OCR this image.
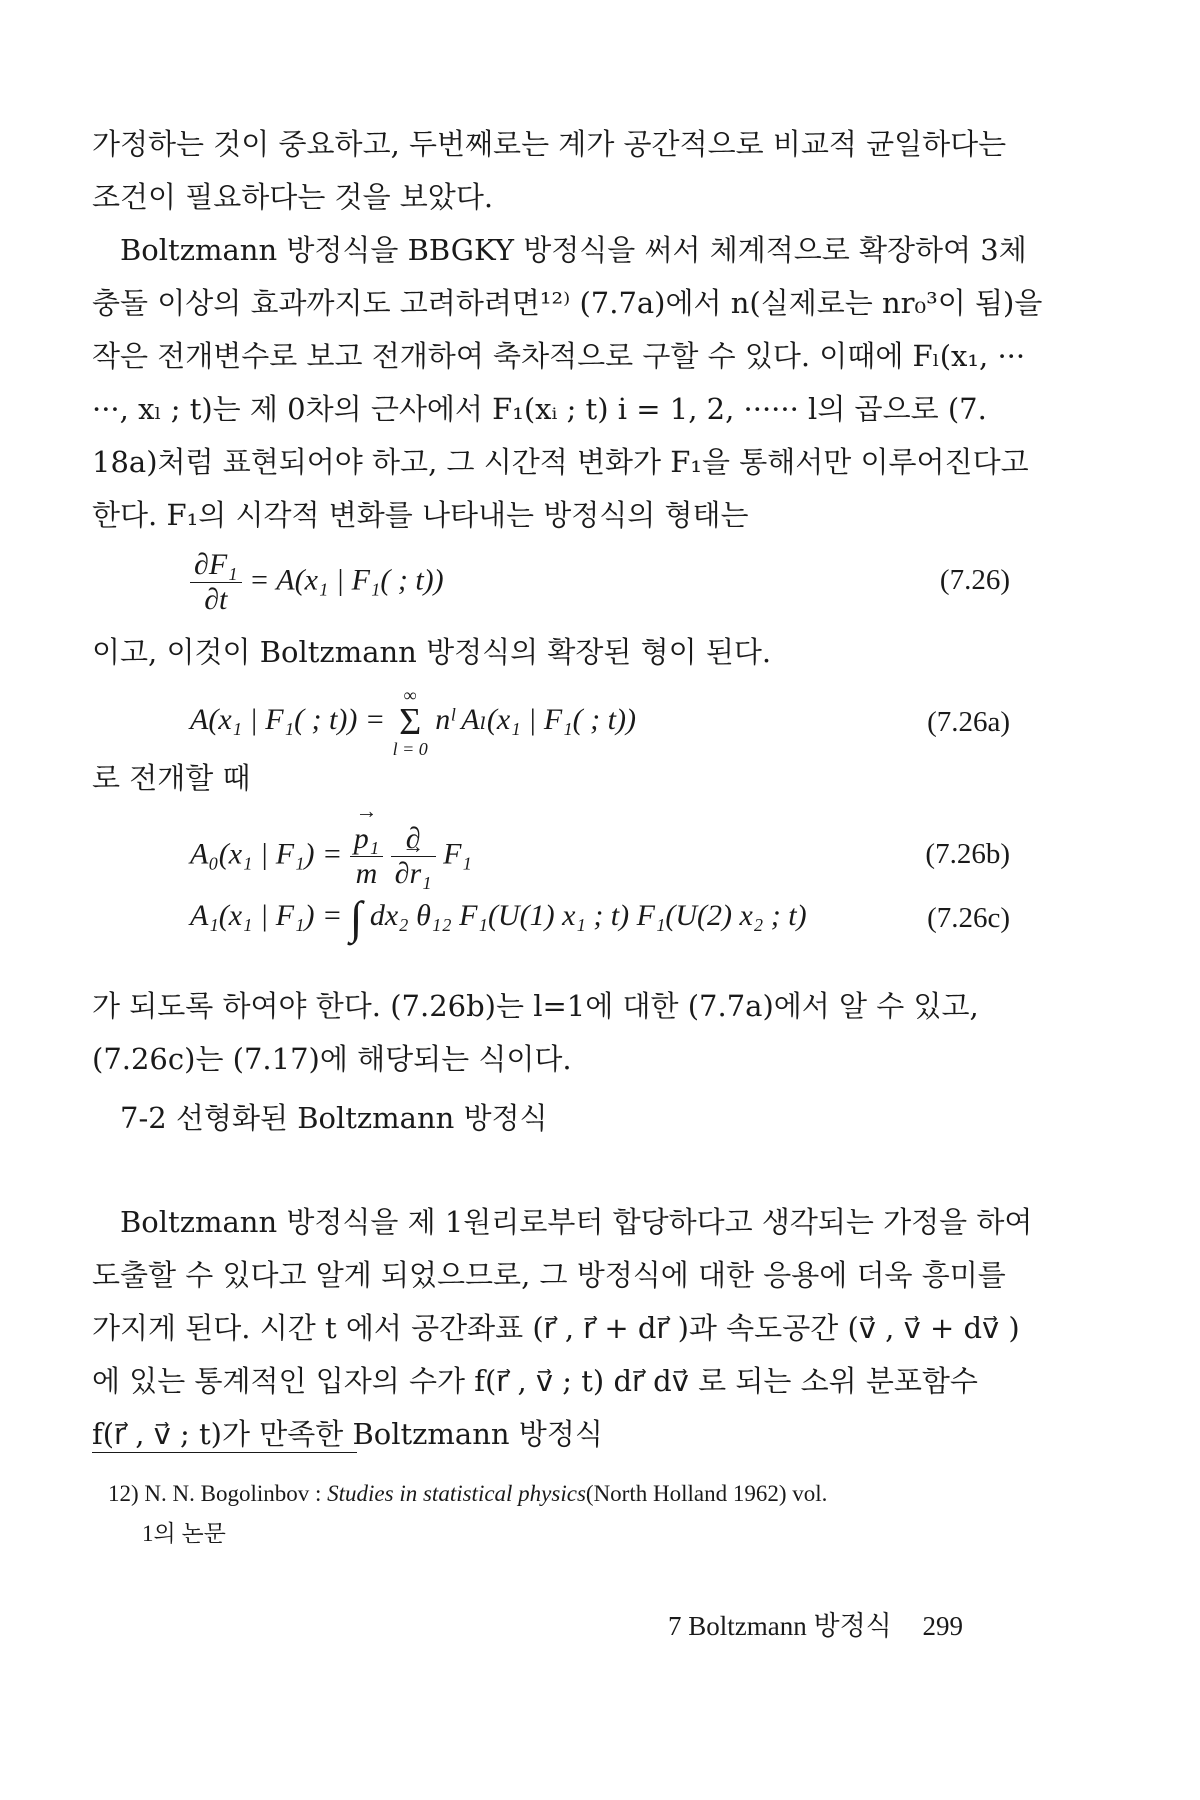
가정하는 것이 중요하고, 두번째로는 계가 공간적으로 비교적 균일하다는
조건이 필요하다는 것을 보았다.
Boltzmann 방정식을 BBGKY 방정식을 써서 체계적으로 확장하여 3체
충돌 이상의 효과까지도 고려하려면¹²⁾ (7.7a)에서 n(실제로는 nr₀³이 됨)을
작은 전개변수로 보고 전개하여 축차적으로 구할 수 있다. 이때에 Fₗ(x₁, ···
···, xₗ ; t)는 제 0차의 근사에서 F₁(xᵢ ; t) i = 1, 2, ······ l의 곱으로 (7.
18a)처럼 표현되어야 하고, 그 시간적 변화가 F₁을 통해서만 이루어진다고
한다. F₁의 시각적 변화를 나타내는 방정식의 형태는
$\frac{\text{∂F₁}}{\partial t} = A(x_1$ | F₁( ; t))	(7.26)
이고, 이것이 Boltzmann 방정식의 확장된 형이 된다.
A(x₁ | F₁( ; t)) = ∞
Σ
l = 0 nˡ Aₗ(x₁ | F₁( ; t))	(7.26a)
로 전개할 때
A₀(x₁ | F₁) =
→ $\frac{\text{p₁}}{m}$
∂
→ ∂r₁ F₁	(7.26b)
A₁(x₁ | F₁) = ∫ dx₂ θ₁₂ F₁(U(1) x₁ ; t) F₁(U(2) x₂ ; t)	(7.26c)
가 되도록 하여야 한다. (7.26b)는 l=1에 대한 (7.7a)에서 알 수 있고,
(7.26c)는 (7.17)에 해당되는 식이다.
7-2 선형화된 Boltzmann 방정식
Boltzmann 방정식을 제 1원리로부터 합당하다고 생각되는 가정을 하여
도출할 수 있다고 알게 되었으므로, 그 방정식에 대한 응용에 더욱 흥미를
가지게 된다. 시간 t 에서 공간좌표 (r⃗ , r⃗ + dr⃗ )과 속도공간 (v⃗ , v⃗ + dv⃗ )
에 있는 통계적인 입자의 수가 f(r⃗ , v⃗ ; t) dr⃗ dv⃗ 로 되는 소위 분포함수
f(r⃗ , v⃗ ; t)가 만족한 Boltzmann 방정식
12) N. N. Bogolinbov : Studies in statistical physics(North Holland 1962) vol.
1의 논문
7 Boltzmann 방정식 299
